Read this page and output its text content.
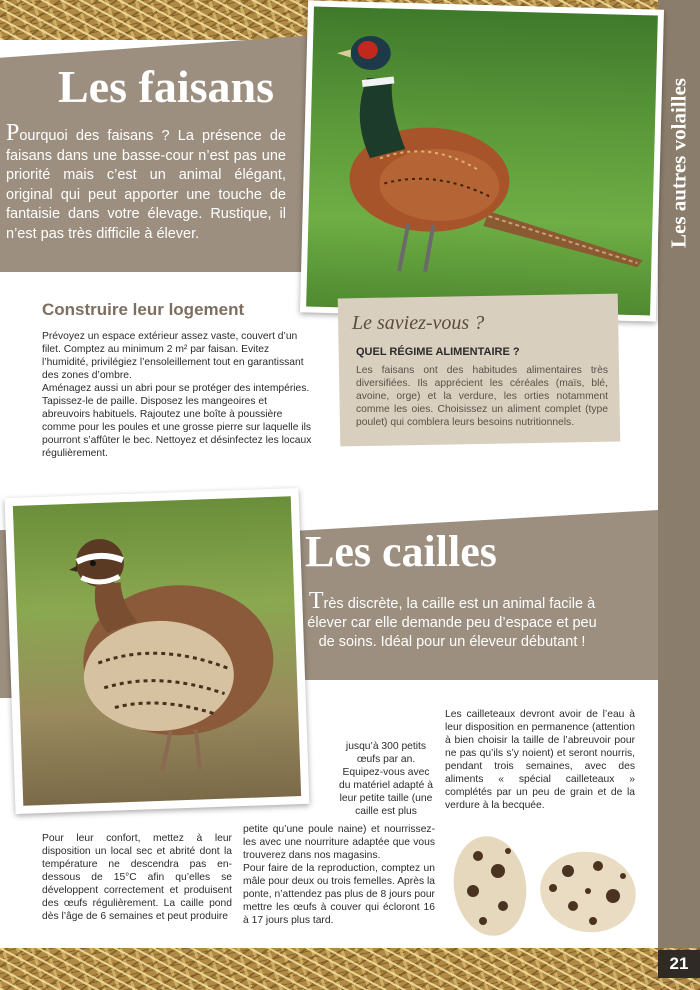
Les autres volailles
21
Les faisans

Pourquoi des faisans ? La présence de faisans dans une basse-cour n’est pas une priorité mais c’est un animal élégant, original qui peut apporter une touche de fantaisie dans votre élevage. Rustique, il n’est pas très difficile à élever.

Construire leur logement

Prévoyez un espace extérieur assez vaste, couvert d’un filet. Comptez au minimum 2 m² par faisan. Evitez l’humidité, privilégiez l’ensoleillement tout en garantissant des zones d’ombre.

Aménagez aussi un abri pour se protéger des intempéries. Tapissez-le de paille. Disposez les mangeoires et abreuvoirs habituels. Rajoutez une boîte à poussière comme pour les poules et une grosse pierre sur laquelle ils pourront s’affûter le bec. Nettoyez et désinfectez les locaux régulièrement.

Le saviez-vous ?
QUEL RÉGIME ALIMENTAIRE ?

Les faisans ont des habitudes alimentaires très diversifiées. Ils apprécient les céréales (maïs, blé, avoine, orge) et la verdure, les orties notamment comme les oies. Choisissez un aliment complet (type poulet) qui comblera leurs besoins nutritionnels.

Les cailles

Très discrète, la caille est un animal facile à élever car elle demande peu d’espace et peu de soins. Idéal pour un éleveur débutant !

Pour leur confort, mettez à leur disposition un local sec et abrité dont la température ne descendra pas en-dessous de 15°C afin qu’elles se développent correctement et produisent des œufs régulièrement. La caille pond dès l’âge de 6 semaines et peut produire

jusqu’à 300 petits œufs par an. Equipez-vous avec du matériel adapté à leur petite taille (une caille est plus

petite qu’une poule naine) et nourrissez-les avec une nourriture adaptée que vous trouverez dans nos magasins.

Pour faire de la reproduction, comptez un mâle pour deux ou trois femelles. Après la ponte, n’attendez pas plus de 8 jours pour mettre les œufs à couver qui écloront 16 à 17 jours plus tard.

Les cailleteaux devront avoir de l’eau à leur disposition en permanence (attention à bien choisir la taille de l’abreuvoir pour ne pas qu’ils s’y noient) et seront nourris, pendant trois semaines, avec des aliments « spécial cailleteaux » complétés par un peu de grain et de la verdure à la becquée.
